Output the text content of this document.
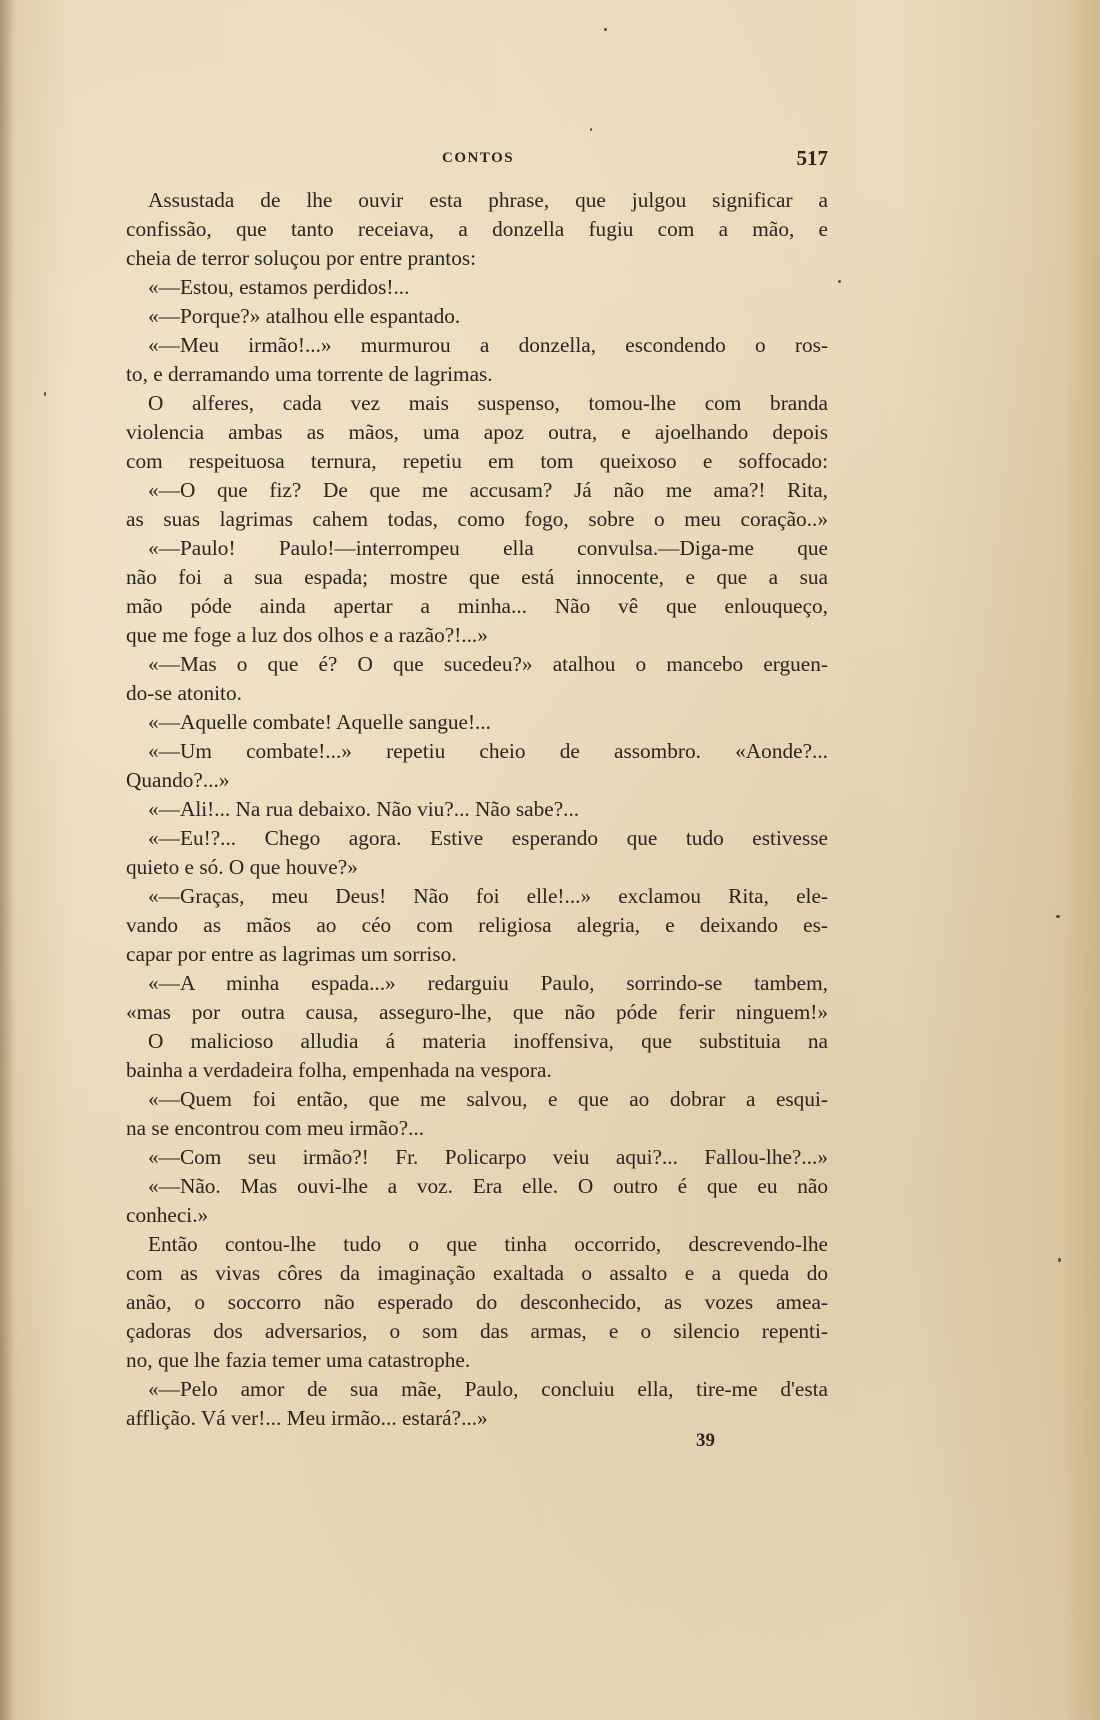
CONTOS	517
Assustada de lhe ouvir esta phrase, que julgou significar a
confissão, que tanto receiava, a donzella fugiu com a mão, e
cheia de terror soluçou por entre prantos:
«—Estou, estamos perdidos!...
«—Porque?» atalhou elle espantado.
«—Meu irmão!...» murmurou a donzella, escondendo o ros-
to, e derramando uma torrente de lagrimas.
O alferes, cada vez mais suspenso, tomou-lhe com branda
violencia ambas as mãos, uma apoz outra, e ajoelhando depois
com respeituosa ternura, repetiu em tom queixoso e soffocado:
«—O que fiz? De que me accusam? Já não me ama?! Rita,
as suas lagrimas cahem todas, como fogo, sobre o meu coração..»
«—Paulo! Paulo!—interrompeu ella convulsa.—Diga-me que
não foi a sua espada; mostre que está innocente, e que a sua
mão póde ainda apertar a minha... Não vê que enlouqueço,
que me foge a luz dos olhos e a razão?!...»
«—Mas o que é? O que sucedeu?» atalhou o mancebo erguen-
do-se atonito.
«—Aquelle combate! Aquelle sangue!...
«—Um combate!...» repetiu cheio de assombro. «Aonde?...
Quando?...»
«—Ali!... Na rua debaixo. Não viu?... Não sabe?...
«—Eu!?... Chego agora. Estive esperando que tudo estivesse
quieto e só. O que houve?»
«—Graças, meu Deus! Não foi elle!...» exclamou Rita, ele-
vando as mãos ao céo com religiosa alegria, e deixando es-
capar por entre as lagrimas um sorriso.
«—A minha espada...» redarguiu Paulo, sorrindo-se tambem,
«mas por outra causa, asseguro-lhe, que não póde ferir ninguem!»
O malicioso alludia á materia inoffensiva, que substituia na
bainha a verdadeira folha, empenhada na vespora.
«—Quem foi então, que me salvou, e que ao dobrar a esqui-
na se encontrou com meu irmão?...
«—Com seu irmão?! Fr. Policarpo veiu aqui?... Fallou-lhe?...»
«—Não. Mas ouvi-lhe a voz. Era elle. O outro é que eu não
conheci.»
Então contou-lhe tudo o que tinha occorrido, descrevendo-lhe
com as vivas côres da imaginação exaltada o assalto e a queda do
anão, o soccorro não esperado do desconhecido, as vozes amea-
çadoras dos adversarios, o som das armas, e o silencio repenti-
no, que lhe fazia temer uma catastrophe.
«—Pelo amor de sua mãe, Paulo, concluiu ella, tire-me d'esta
afflição. Vá ver!... Meu irmão... estará?...»
39
